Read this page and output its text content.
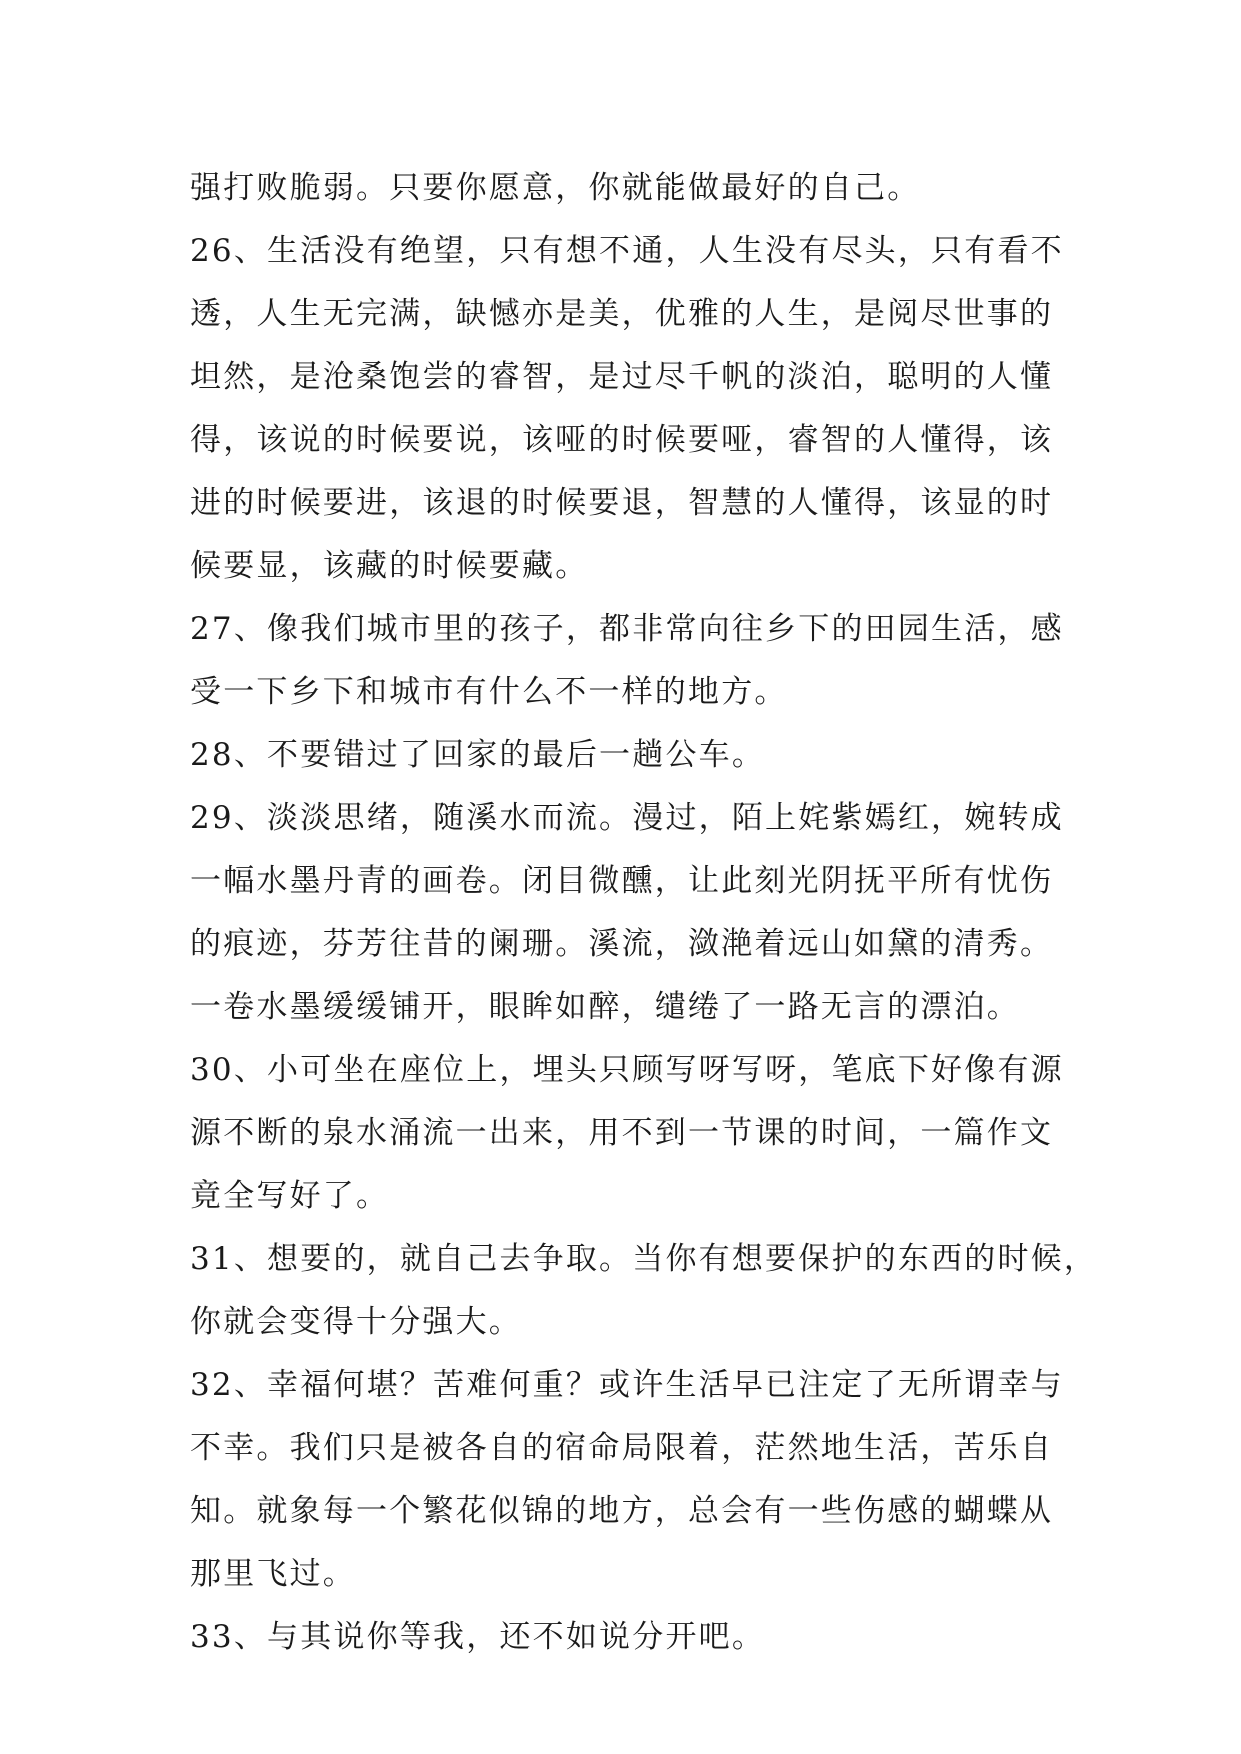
强打败脆弱。只要你愿意，你就能做最好的自己。
26、生活没有绝望，只有想不通，人生没有尽头，只有看不
透，人生无完满，缺憾亦是美，优雅的人生，是阅尽世事的
坦然，是沧桑饱尝的睿智，是过尽千帆的淡泊，聪明的人懂
得，该说的时候要说，该哑的时候要哑，睿智的人懂得，该
进的时候要进，该退的时候要退，智慧的人懂得，该显的时
候要显，该藏的时候要藏。
27、像我们城市里的孩子，都非常向往乡下的田园生活，感
受一下乡下和城市有什么不一样的地方。
28、不要错过了回家的最后一趟公车。
29、淡淡思绪，随溪水而流。漫过，陌上姹紫嫣红，婉转成
一幅水墨丹青的画卷。闭目微醺，让此刻光阴抚平所有忧伤
的痕迹，芬芳往昔的阑珊。溪流，潋滟着远山如黛的清秀。
一卷水墨缓缓铺开，眼眸如醉，缱绻了一路无言的漂泊。
30、小可坐在座位上，埋头只顾写呀写呀，笔底下好像有源
源不断的泉水涌流一出来，用不到一节课的时间，一篇作文
竟全写好了。
31、想要的，就自己去争取。当你有想要保护的东西的时候，
你就会变得十分强大。
32、幸福何堪？苦难何重？或许生活早已注定了无所谓幸与
不幸。我们只是被各自的宿命局限着，茫然地生活，苦乐自
知。就象每一个繁花似锦的地方，总会有一些伤感的蝴蝶从
那里飞过。
33、与其说你等我，还不如说分开吧。
